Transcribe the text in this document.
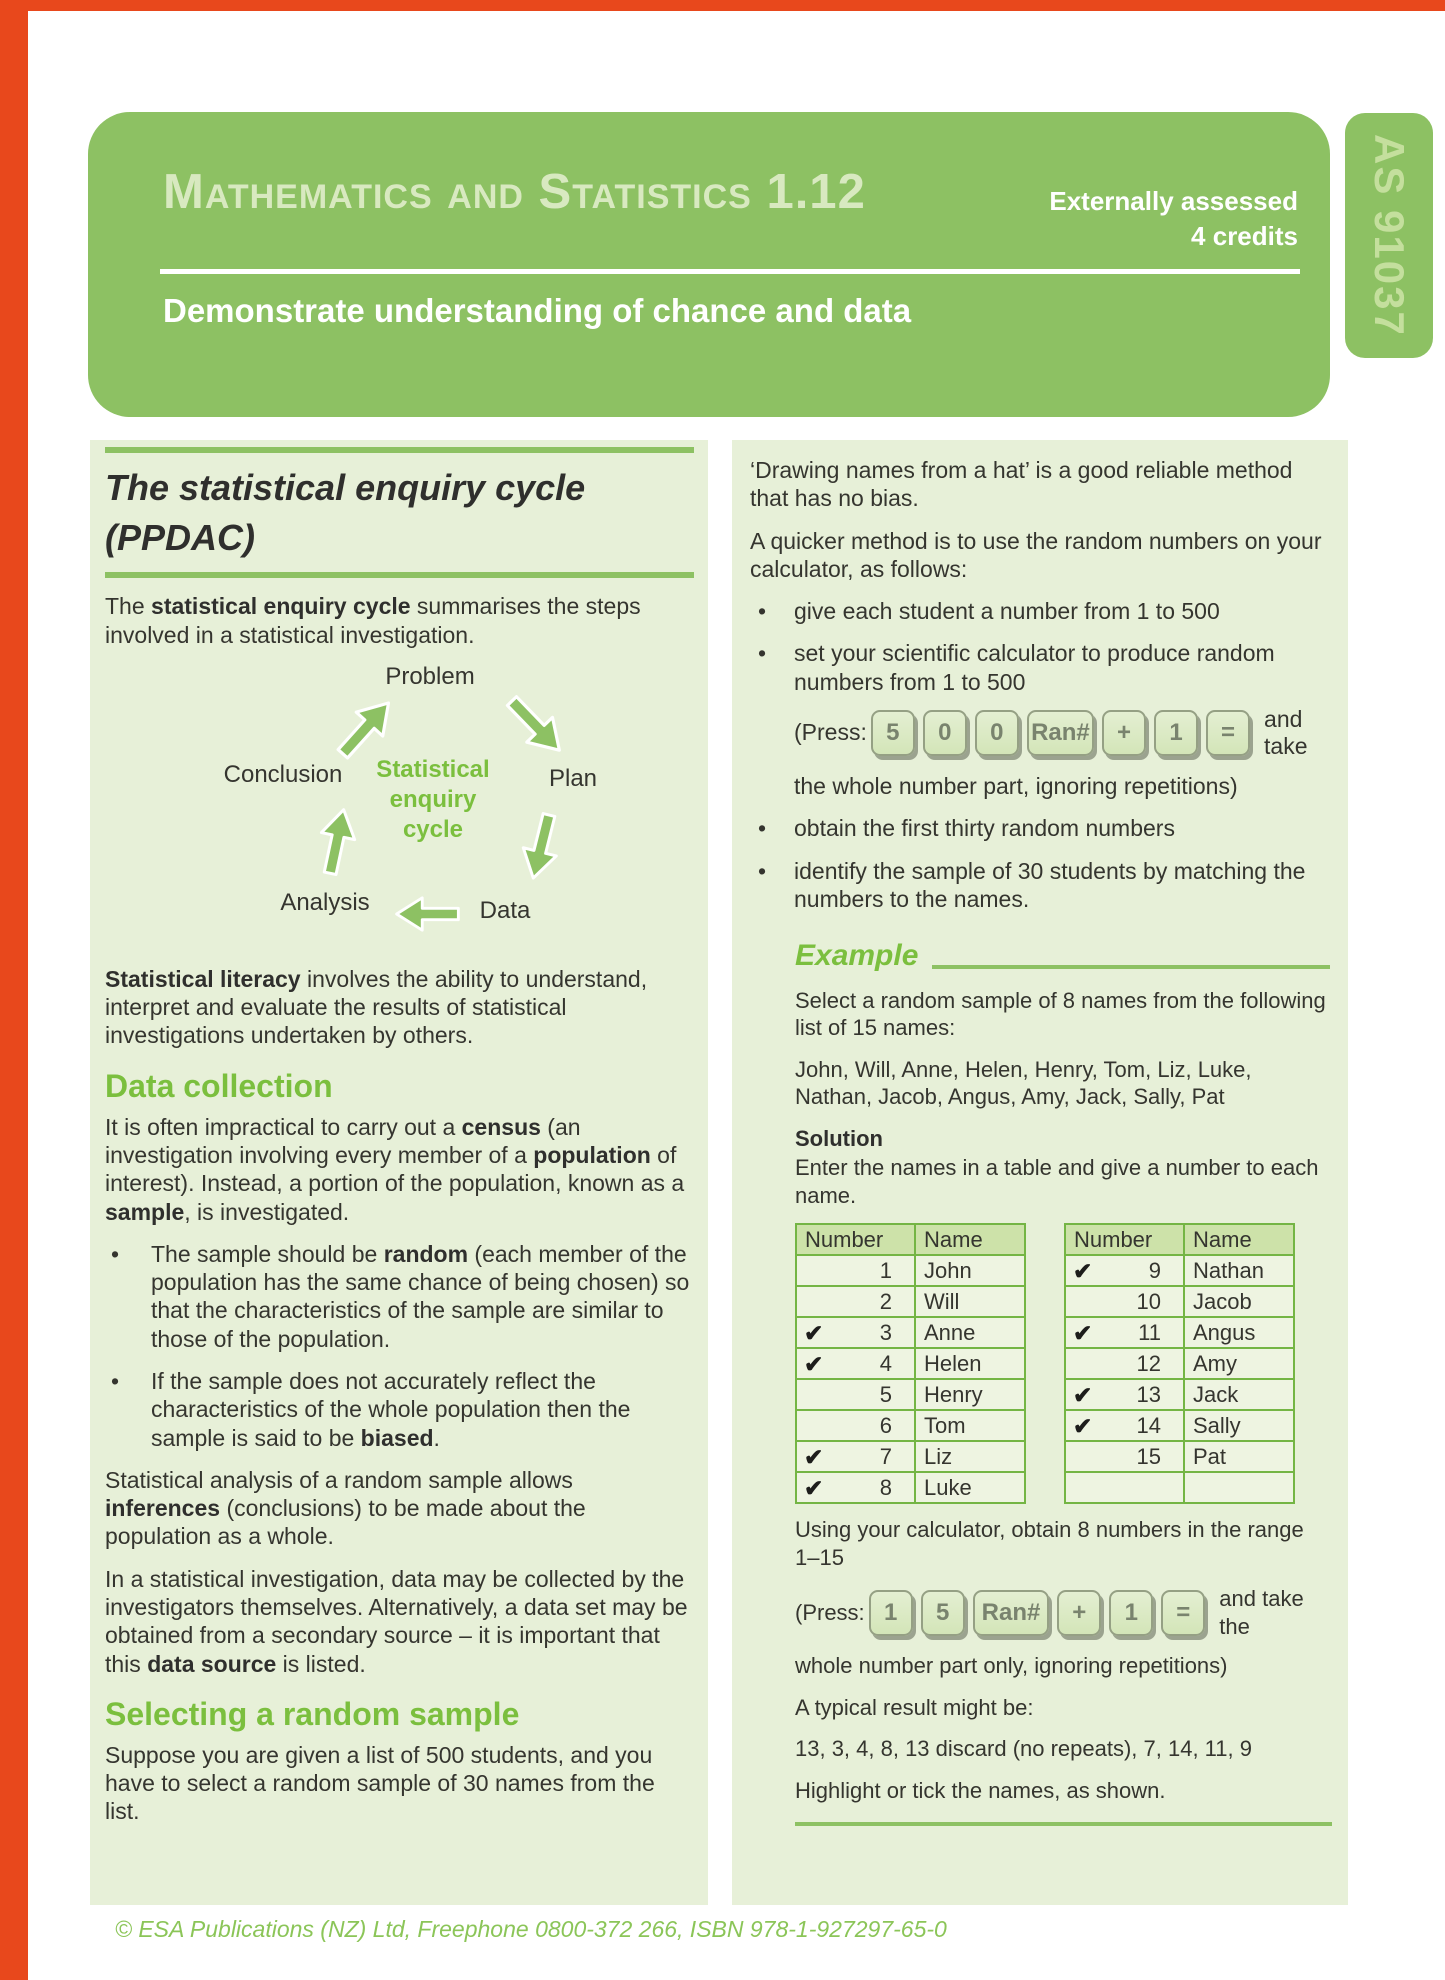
Mathematics and Statistics 1.12	Externally assessed
4 credits
Demonstrate understanding of chance and data	AS 91037
The statistical enquiry cycle (PPDAC)

The statistical enquiry cycle summarises the steps involved in a statistical investigation.

Problem
Conclusion	Plan
Analysis	Data
Statistical
enquiry
cycle

Statistical literacy involves the ability to understand, interpret and evaluate the results of statistical investigations undertaken by others.

Data collection

It is often impractical to carry out a census (an investigation involving every member of a population of interest). Instead, a portion of the population, known as a sample, is investigated.

•	The sample should be random (each member of the population has the same chance of being chosen) so that the characteristics of the sample are similar to those of the population.
•	If the sample does not accurately reflect the characteristics of the whole population then the sample is said to be biased.

Statistical analysis of a random sample allows inferences (conclusions) to be made about the population as a whole.

In a statistical investigation, data may be collected by the investigators themselves. Alternatively, a data set may be obtained from a secondary source – it is important that this data source is listed.

Selecting a random sample

Suppose you are given a list of 500 students, and you have to select a random sample of 30 names from the list.

‘Drawing names from a hat’ is a good reliable method that has no bias.

A quicker method is to use the random numbers on your calculator, as follows:

•	give each student a number from 1 to 500
•	set your scientific calculator to produce random numbers from 1 to 500
(Press: 5	0	0	Ran#	+	1	=	and take

the whole number part, ignoring repetitions)

•	obtain the first thirty random numbers
•	identify the sample of 30 students by matching the numbers to the names.
Example

Select a random sample of 8 names from the following list of 15 names:

John, Will, Anne, Helen, Henry, Tom, Liz, Luke, Nathan, Jacob, Angus, Amy, Jack, Sally, Pat

Solution

Enter the names in a table and give a number to each name.

Number	Name

1	John

2	Will

✔ 3	Anne

✔ 4	Helen

5	Henry

6	Tom

✔ 7	Liz

✔ 8	Luke
Number	Name

✔ 9	Nathan

10	Jacob

✔ 11	Angus

12	Amy

✔ 13	Jack

✔ 14	Sally

15	Pat

Using your calculator, obtain 8 numbers in the range 1–15

(Press: 1	5	Ran#	+	1	=	and take the

whole number part only, ignoring repetitions)

A typical result might be:

13, 3, 4, 8, 13 discard (no repeats), 7, 14, 11, 9

Highlight or tick the names, as shown.

© ESA Publications (NZ) Ltd, Freephone 0800-372 266, ISBN 978-1-927297-65-0
